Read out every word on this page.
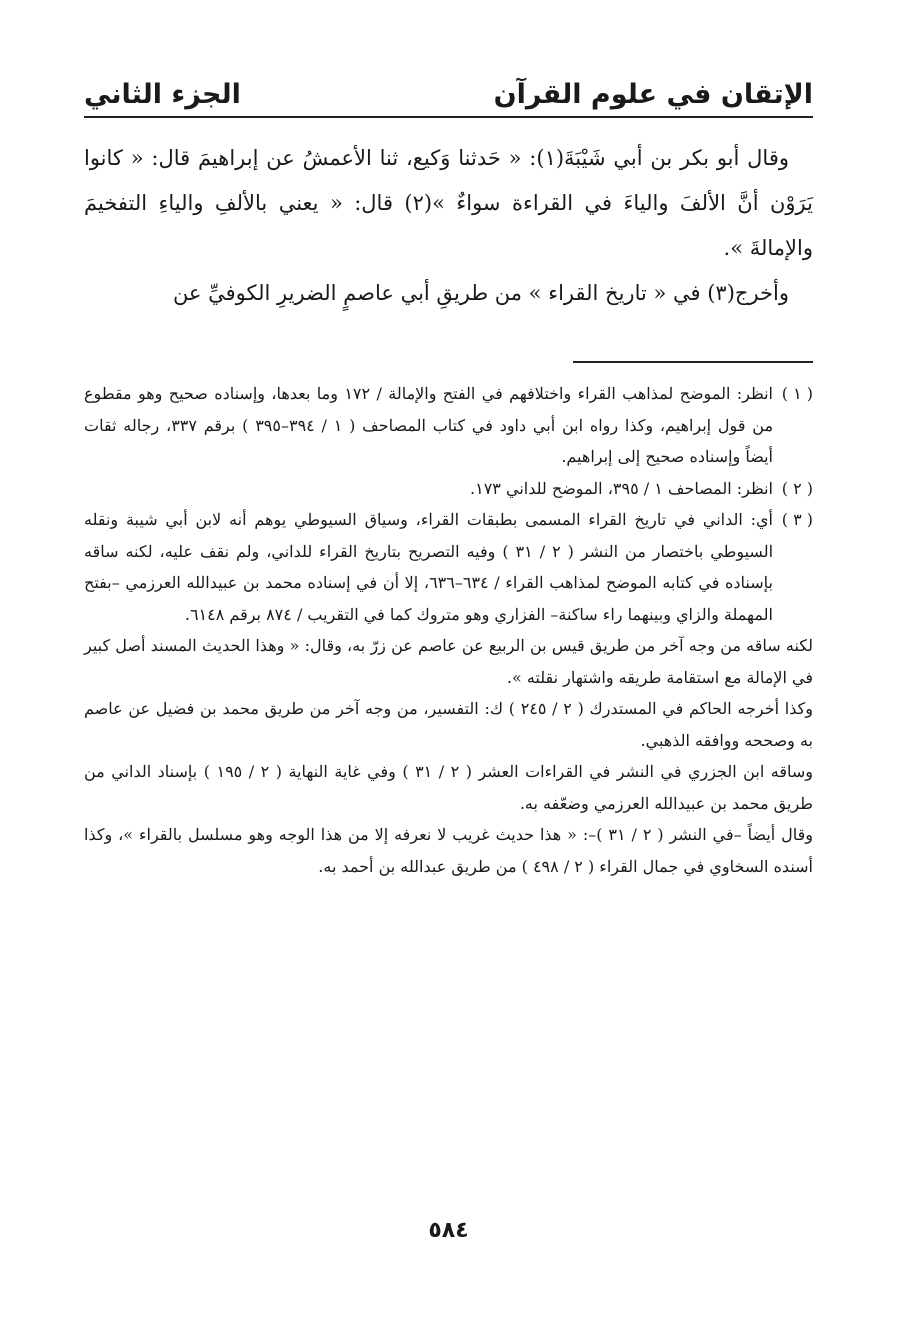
الإتقان في علوم القرآن
الجزء الثاني

وقال أبو بكر بن أبي شَيْبَةَ(١): « حَدثنا وَكيع، ثنا الأعمشُ عن إبراهيمَ قال: « كانوا يَرَوْن أنَّ الألفَ والياءَ في القراءة سواءٌ »(٢) قال: « يعني بالألفِ والياءِ التفخيمَ والإمالةَ ».

وأخرج(٣) في « تاريخ القراء » من طريقِ أبي عاصمٍ الضريرِ الكوفيِّ عن

( ١ )انظر: الموضح لمذاهب القراء واختلافهم في الفتح والإمالة / ١٧٢ وما بعدها، وإسناده صحيح وهو مقطوع من قول إبراهيم، وكذا رواه ابن أبي داود في كتاب المصاحف ( ١ / ٣٩٤–٣٩٥ ) برقم ٣٣٧، رجاله ثقات أيضاً وإسناده صحيح إلى إبراهيم.

( ٢ )انظر: المصاحف ١ / ٣٩٥، الموضح للداني ١٧٣.

( ٣ )أي: الداني في تاريخ القراء المسمى بطبقات القراء، وسياق السيوطي يوهم أنه لابن أبي شيبة ونقله السيوطي باختصار من النشر ( ٢ / ٣١ ) وفيه التصريح بتاريخ القراء للداني، ولم نقف عليه، لكنه ساقه بإسناده في كتابه الموضح لمذاهب القراء / ٦٣٤–٦٣٦، إلا أن في إسناده محمد بن عبيدالله العرزمي –بفتح المهملة والزاي وبينهما راء ساكنة– الفزاري وهو متروك كما في التقريب / ٨٧٤ برقم ٦١٤٨.

لكنه ساقه من وجه آخر من طريق قيس بن الربيع عن عاصم عن زرّ به، وقال: « وهذا الحديث المسند أصل كبير في الإمالة مع استقامة طريقه واشتهار نقلته ».

وكذا أخرجه الحاكم في المستدرك ( ٢ / ٢٤٥ ) ك: التفسير، من وجه آخر من طريق محمد بن فضيل عن عاصم به وصححه ووافقه الذهبي.

وساقه ابن الجزري في النشر في القراءات العشر ( ٢ / ٣١ ) وفي غاية النهاية ( ٢ / ١٩٥ ) بإسناد الداني من طريق محمد بن عبيدالله العرزمي وضعّفه به.

وقال أيضاً –في النشر ( ٢ / ٣١ )–: « هذا حديث غريب لا نعرفه إلا من هذا الوجه وهو مسلسل بالقراء »، وكذا أسنده السخاوي في جمال القراء ( ٢ / ٤٩٨ ) من طريق عبدالله بن أحمد به.

٥٨٤
